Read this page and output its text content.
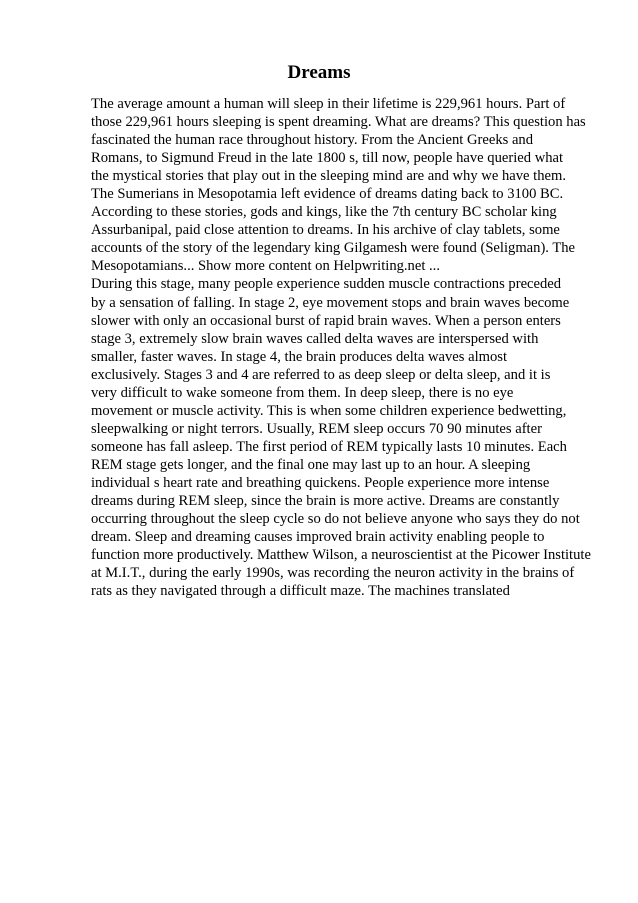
Dreams
The average amount a human will sleep in their lifetime is 229,961 hours. Part of
those 229,961 hours sleeping is spent dreaming. What are dreams? This question has
fascinated the human race throughout history. From the Ancient Greeks and
Romans, to Sigmund Freud in the late 1800 s, till now, people have queried what
the mystical stories that play out in the sleeping mind are and why we have them.
The Sumerians in Mesopotamia left evidence of dreams dating back to 3100 BC.
According to these stories, gods and kings, like the 7th century BC scholar king
Assurbanipal, paid close attention to dreams. In his archive of clay tablets, some
accounts of the story of the legendary king Gilgamesh were found (Seligman). The
Mesopotamians... Show more content on Helpwriting.net ...
During this stage, many people experience sudden muscle contractions preceded
by a sensation of falling. In stage 2, eye movement stops and brain waves become
slower with only an occasional burst of rapid brain waves. When a person enters
stage 3, extremely slow brain waves called delta waves are interspersed with
smaller, faster waves. In stage 4, the brain produces delta waves almost
exclusively. Stages 3 and 4 are referred to as deep sleep or delta sleep, and it is
very difficult to wake someone from them. In deep sleep, there is no eye
movement or muscle activity. This is when some children experience bedwetting,
sleepwalking or night terrors. Usually, REM sleep occurs 70 90 minutes after
someone has fall asleep. The first period of REM typically lasts 10 minutes. Each
REM stage gets longer, and the final one may last up to an hour. A sleeping
individual s heart rate and breathing quickens. People experience more intense
dreams during REM sleep, since the brain is more active. Dreams are constantly
occurring throughout the sleep cycle so do not believe anyone who says they do not
dream. Sleep and dreaming causes improved brain activity enabling people to
function more productively. Matthew Wilson, a neuroscientist at the Picower Institute
at M.I.T., during the early 1990s, was recording the neuron activity in the brains of
rats as they navigated through a difficult maze. The machines translated
